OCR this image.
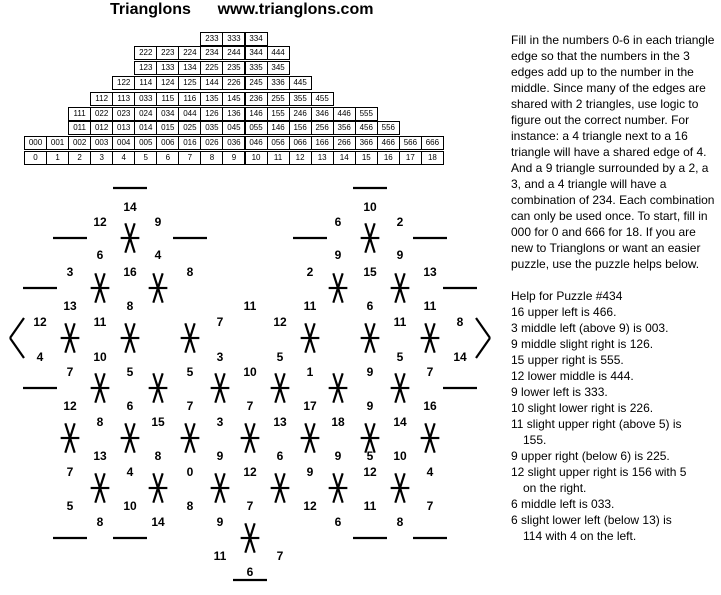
Trianglons www.trianglons.com
233	333	334
222	223	224	234	244	344	444
123	133	134	225	235	335	345
122	114	124	125	144	226	245	336	445
112	113	033	115	116	135	145	236	255	355	455
111	022	023	024	034	044	126	136	146	155	246	346	446	555
011	012	013	014	015	025	035	045	055	146	156	256	356	456	556
000	001	002	003	004	005	006	016	026	036	046	056	066	166	266	366	466	566	666
0	1	2	3	4	5	6	7	8	9	10	11	12	13	14	15	16	17	18

Fill in the numbers 0-6 in each triangle edge so that the numbers in the 3 edges add up to the number in the middle. Since many of the edges are shared with 2 triangles, use logic to figure out the correct number. For instance: a 4 triangle next to a 16 triangle will have a shared edge of 4. And a 9 triangle surrounded by a 2, a 3, and a 4 triangle will have a combination of 234. Each combination can only be used once. To start, fill in 000 for 0 and 666 for 18. If you are new to Trianglons or want an easier puzzle, use the puzzle helps below.

Help for Puzzle #434

16 upper left is 466.

3 middle left (above 9) is 003.

9 middle slight right is 126.

15 upper right is 555.

12 lower middle is 444.

9 lower left is 333.

10 slight lower right is 226.

11 slight upper right (above 5) is

155.

9 upper right (below 6) is 225.

12 slight upper right is 156 with 5

on the right.

6 middle left is 033.

6 slight lower left (below 13) is

114 with 4 on the left.

14	10
12	9	6	2
6	4	9	9
3	16	8	2	15	13
13	8	11	11	6	11
12	11	7	12	11	8
4	10	3	5	5	14
7	5	5	10	1	9	7
12	6	7	7	17	9	16
8	15	3	13	18	14
13	8	9	6	9 5 10
7	4	0	12	9	12	4
5	10	8	7	12	11	7
8	14	9	6	8
11	7
6
